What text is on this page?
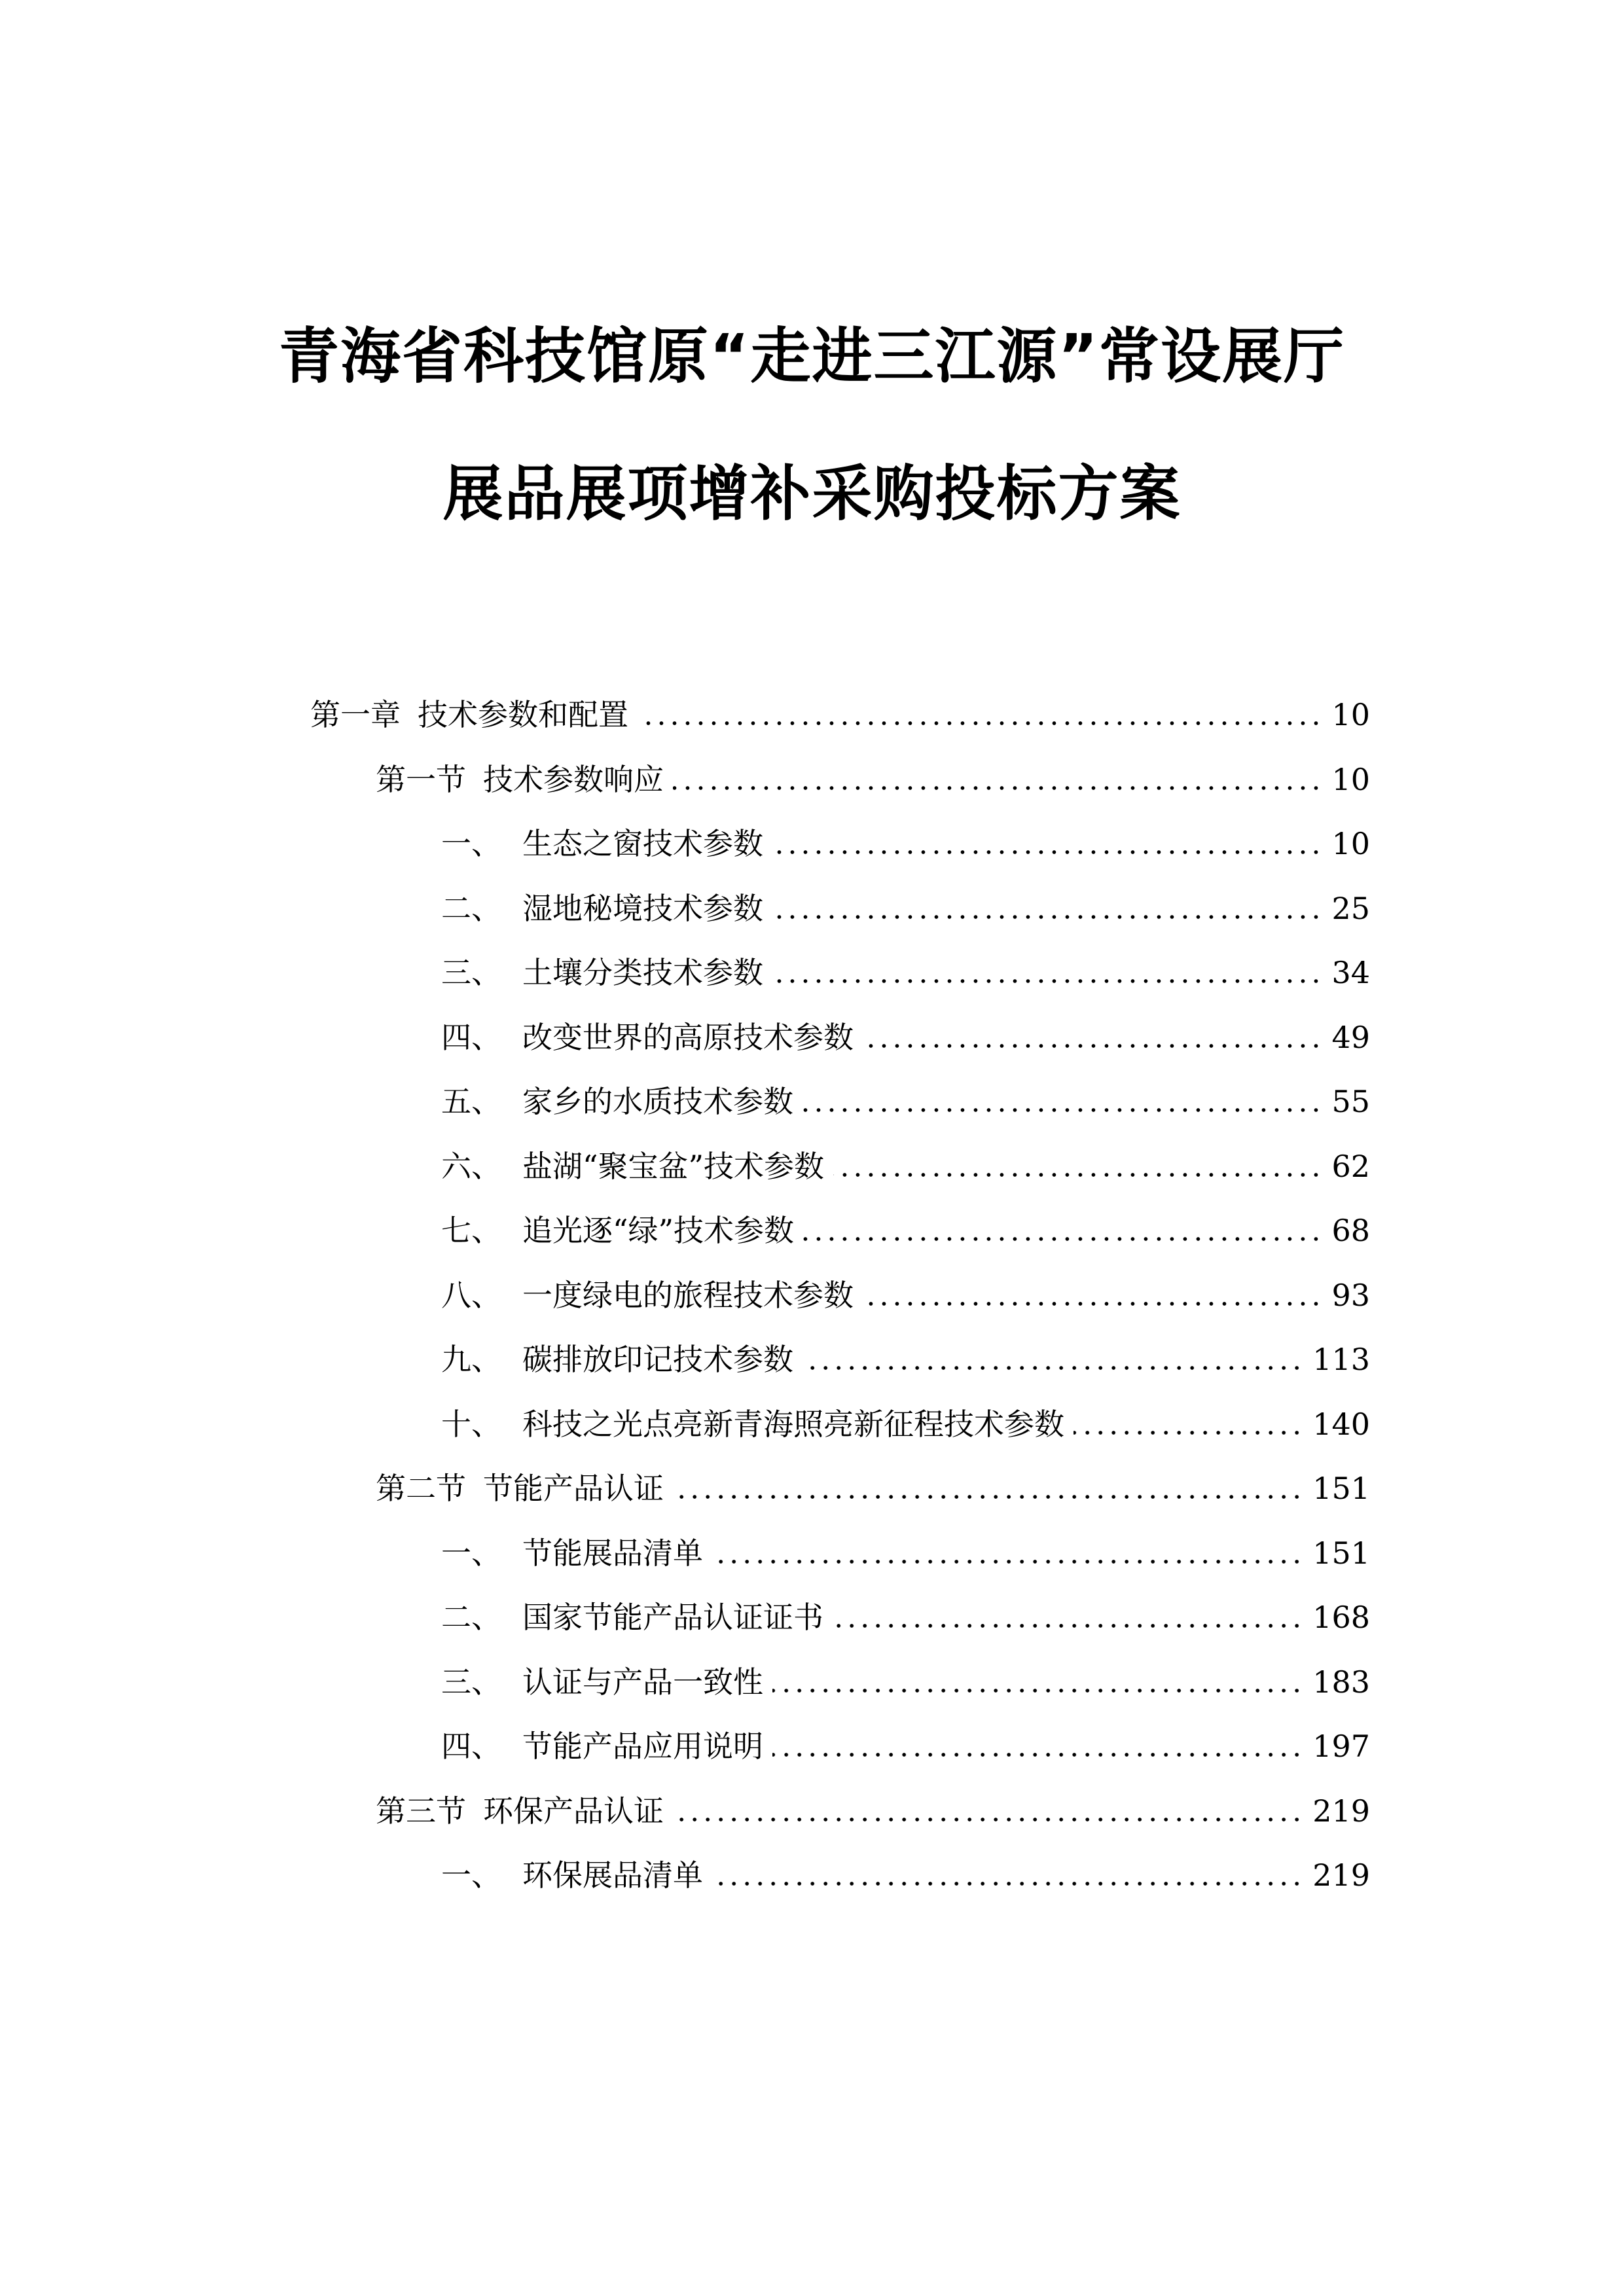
青海省科技馆原“走进三江源”常设展厅
展品展项增补采购投标方案
第一章 技术参数和配置	10
第一节 技术参数响应	10
一、 生态之窗技术参数	10
二、 湿地秘境技术参数	25
三、 土壤分类技术参数	34
四、 改变世界的高原技术参数	49
五、 家乡的水质技术参数	55
六、 盐湖“聚宝盆”技术参数	62
七、 追光逐“绿”技术参数	68
八、 一度绿电的旅程技术参数	93
九、 碳排放印记技术参数	113
十、 科技之光点亮新青海照亮新征程技术参数	140
第二节 节能产品认证	151
一、 节能展品清单	151
二、 国家节能产品认证证书	168
三、 认证与产品一致性	183
四、 节能产品应用说明	197
第三节 环保产品认证	219
一、 环保展品清单	219
